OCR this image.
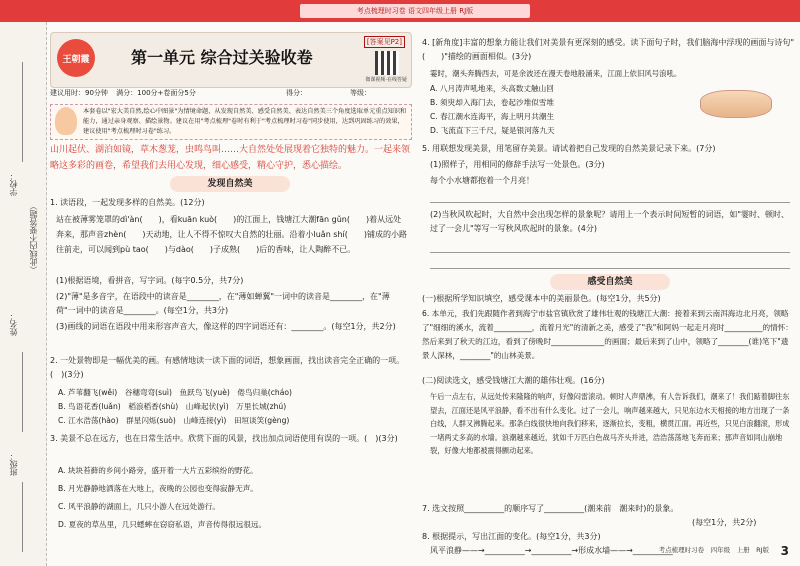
考点梳理时习卷 语文四年级上册 RJ版
学校：
姓名：
班级：
（此线内不要答题）
王朝霞	第一单元 综合过关验收卷
[答案见P2]
微课视频·在线答疑
建议用时：90分钟 满分：100分+卷面分5分	得分：	等级：
本套卷以"宏大美自然,绘心中图景"为情境命题，从发现自然美、感受自然美、表达自然美三个角度选取单元重点知识和能力，通过亲身观察、描绘景物。建议在用"考点梳理"卷时有利于"考点梳理时习卷"同步使用，达到巩固练习的效果，建议使用"考点梳理时习卷"练习。
山川起伏、湖泊如镜，草木葱茏，虫鸣鸟叫……大自然处处展现着它独特的魅力。一起来领略这多彩的画卷，希望我们去用心发现，细心感受，精心守护，悉心描绘。
发现自然美
1. 读语段，一起发现多样的自然美。(12分)
站在被薄雾笼罩的dì'àn(　　)，看kuān kuò(　　)的江面上，钱塘江大潮fān gǔn(　　)着从远处奔来，那声音zhèn(　　)天动地，让人不得不惊叹大自然的壮丽。沿着小luǎn shí(　　)铺成的小路往前走，可以闻到pù tao(　　)与dào(　　)子成熟(　　)后的香味，让人陶醉不已。
(1)根据语境，看拼音，写字词。(每字0.5分，共7分)
(2)"薄"是多音字，在语段中的读音是________，在"薄如蝉翼"一词中的读音是________，在"薄荷"一词中的读音是________。(每空1分，共3分)
(3)画线的词语在语段中用来形容声音大，像这样的四字词语还有：________。(每空1分，共2分)
2. 一处景物即是一幅优美的画。有感情地读一读下面的词语，想象画面，找出读音完全正确的一项。(　)(3分)
A. 芦苇翻飞(wěi)　谷穗弯弯(suì)　鱼跃鸟飞(yuè)　倦鸟归巢(cháo)
B. 鸟语花香(luǎn)　稻浪稻香(shù)　山峰起伏(yì)　万里长城(zhú)
C. 江水浩荡(hào)　群星闪烁(suò)　山峰连接(yì)　田垣谈笑(gèng)
3. 美景不总在远方，也在日常生活中。欣赏下面的风景，找出加点词语使用有误的一项。(　)(3分)
A. 块块苔藓的乡间小路旁，盛开着一大片五彩缤纷的野花。
B. 月光静静地洒落在大地上，夜晚的公园也变得寂静无声。
C. 风平浪静的湖面上，几只小游人在远处游行。
D. 夏夜的草丛里，几只蟋蟀在窃窃私语，声音传得很远很远。
4. [新角度]丰富的想象力能让我们对美景有更深刻的感受。读下面句子时，我们脑海中浮现的画面与诗句"(　　)"描绘的画面相似。(3分)
霎时，潮头奔腾西去，可是余波还在漫天卷地般涌来，江面上依旧风号浪吼。
A. 八月涛声吼地来，头高数丈触山回
B. 须臾却入海门去，卷起沙堆似雪堆
C. 春江潮水连海平，海上明月共潮生
D. 飞流直下三千尺，疑是银河落九天
5. 用联想发现美景，用笔留存美景。请试着把自己发现的自然美景记录下来。(7分)
(1)照样子，用相同的修辞手法写一处景色。(3分)
每个小水塘都抱着一个月亮！
(2)当秋风吹起时，大自然中会出现怎样的景象呢？请用上一个表示时间短暂的词语，如"霎时、顿时、过了一会儿"等写一写秋风吹起时的景象。(4分)
感受自然美
(一)根据所学知识填空，感受课本中的美丽景色。(每空1分，共5分)
6. 本单元，我们先跟随作者到海宁市盐官镇欣赏了雄伟壮观的钱塘江大潮：接着来到云南洱海边北月亮，领略了"细细的溪水，流着__________，流着月光"的清新之美，感受了"我"和阿妈一起走月亮时__________的情怀：然后来到了秋天的江边，看到了傍晚时______________的画面；最后来到了山中，领略了________(谁)笔下"遗景人深林，________"的山林美景。
(二)阅读选文，感受钱塘江大潮的雄伟壮观。(16分)
午后一点左右，从远处传来隆隆的响声，好像闷雷滚动。顿时人声鼎沸，有人告诉我们，潮来了！我们踮着脚往东望去，江面还是风平浪静，看不出有什么变化。过了一会儿，响声越来越大，只见东边水天相接的地方出现了一条白线，人群又沸腾起来。那条白线很快地向我们移来，逐渐拉长，变粗，横贯江面。再近些，只见白浪翻滚，形成一堵两丈多高的水墙。浪潮越来越近，犹如千万匹白色战马齐头并进，浩浩荡荡地飞奔而来；那声音如同山崩地裂，好像大地都被震得颤动起来。
7. 选文按照__________的顺序写了__________(潮来前　潮来时)的景象。
(每空1分，共2分)
8. 根据提示，写出江面的变化。(每空1分，共3分)
风平浪静——→__________→__________→形成水墙——→__________
考点梳理时习卷　四年级　上册　RJ版 3
